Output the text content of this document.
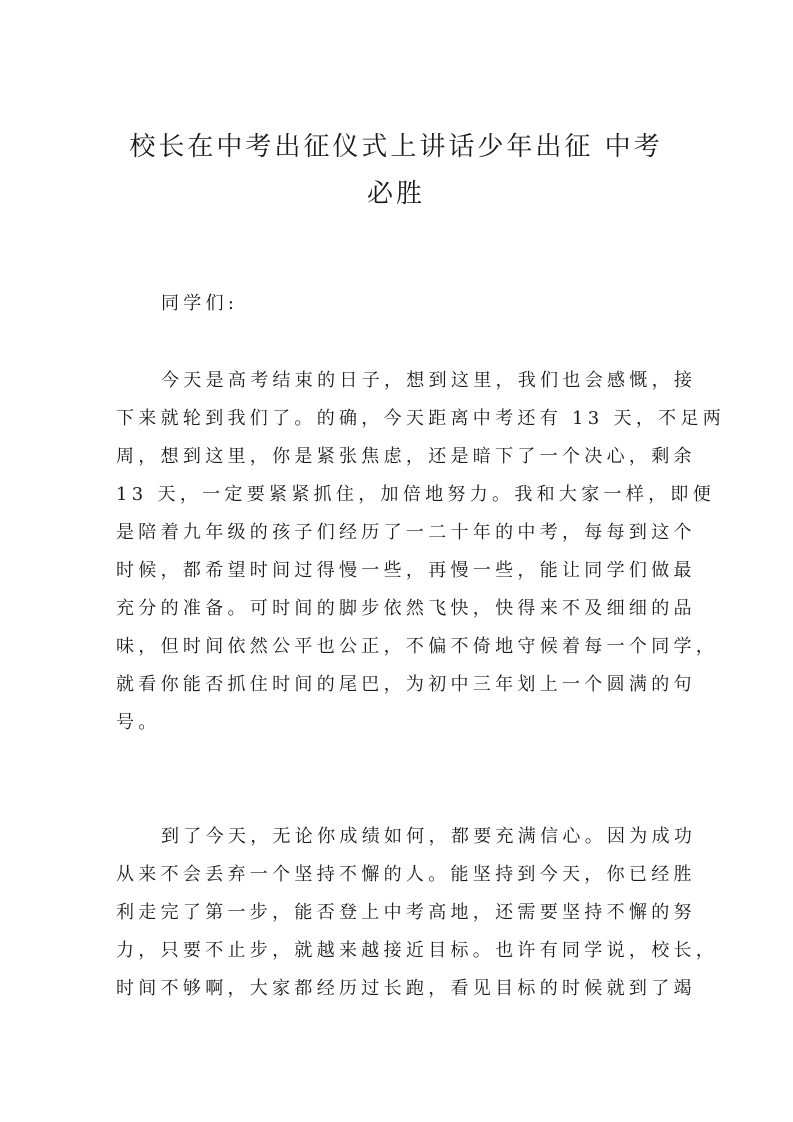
校长在中考出征仪式上讲话少年出征 中考
必胜

同学们:

今天是高考结束的日子，想到这里，我们也会感慨，接
下来就轮到我们了。的确，今天距离中考还有 13 天，不足两
周，想到这里，你是紧张焦虑，还是暗下了一个决心，剩余
13 天，一定要紧紧抓住，加倍地努力。我和大家一样，即便
是陪着九年级的孩子们经历了一二十年的中考，每每到这个
时候，都希望时间过得慢一些，再慢一些，能让同学们做最
充分的准备。可时间的脚步依然飞快，快得来不及细细的品
味，但时间依然公平也公正，不偏不倚地守候着每一个同学，
就看你能否抓住时间的尾巴，为初中三年划上一个圆满的句
号。
到了今天，无论你成绩如何，都要充满信心。因为成功
从来不会丢弃一个坚持不懈的人。能坚持到今天，你已经胜
利走完了第一步，能否登上中考高地，还需要坚持不懈的努
力，只要不止步，就越来越接近目标。也许有同学说，校长，
时间不够啊，大家都经历过长跑，看见目标的时候就到了竭
